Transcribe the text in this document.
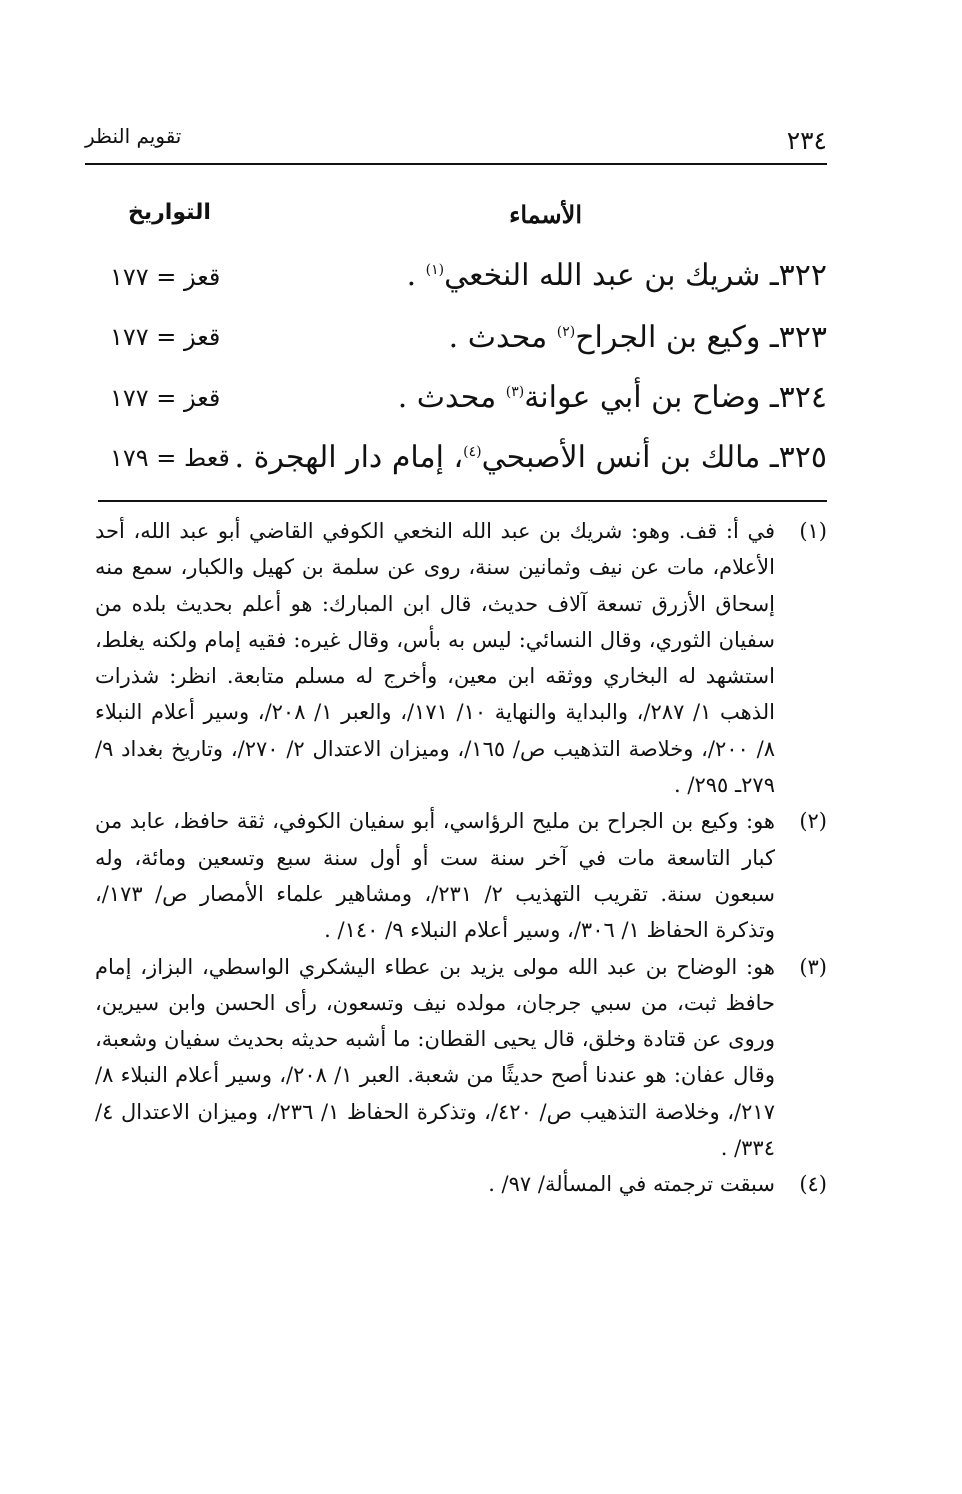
٢٣٤
تقويم النظر
الأسماء
التواريخ
٣٢٢ـ شريك بن عبد الله النخعي$^{(١)}$ .
قعز = ١٧٧
٣٢٣ـ وكيع بن الجراح$^{(٢)}$ محدث .
قعز = ١٧٧
٣٢٤ـ وضاح بن أبي عوانة$^{(٣)}$ محدث .
قعز = ١٧٧
٣٢٥ـ مالك بن أنس الأصبحي$^{(٤)}$، إمام دار الهجرة .
قعط = ١٧٩
(١)
في أ: قف. وهو: شريك بن عبد الله النخعي الكوفي القاضي أبو عبد الله، أحد الأعلام، مات عن نيف وثمانين سنة، روى عن سلمة بن كهيل والكبار، سمع منه إسحاق الأزرق تسعة آلاف حديث، قال ابن المبارك: هو أعلم بحديث بلده من سفيان الثوري، وقال النسائي: ليس به بأس، وقال غيره: فقيه إمام ولكنه يغلط، استشهد له البخاري ووثقه ابن معين، وأخرج له مسلم متابعة. انظر: شذرات الذهب ١/ ٢٨٧/، والبداية والنهاية ١٠/ ١٧١/، والعبر ١/ ٢٠٨/، وسير أعلام النبلاء ٨/ ٢٠٠/، وخلاصة التذهيب ص/ ١٦٥/، وميزان الاعتدال ٢/ ٢٧٠/، وتاريخ بغداد ٩/ ٢٧٩ـ ٢٩٥/ .
(٢)
هو: وكيع بن الجراح بن مليح الرؤاسي، أبو سفيان الكوفي، ثقة حافظ، عابد من كبار التاسعة مات في آخر سنة ست أو أول سنة سبع وتسعين ومائة، وله سبعون سنة. تقريب التهذيب ٢/ ٢٣١/، ومشاهير علماء الأمصار ص/ ١٧٣/، وتذكرة الحفاظ ١/ ٣٠٦/، وسير أعلام النبلاء ٩/ ١٤٠/ .
(٣)
هو: الوضاح بن عبد الله مولى يزيد بن عطاء اليشكري الواسطي، البزاز، إمام حافظ ثبت، من سبي جرجان، مولده نيف وتسعون، رأى الحسن وابن سيرين، وروى عن قتادة وخلق، قال يحيى القطان: ما أشبه حديثه بحديث سفيان وشعبة، وقال عفان: هو عندنا أصح حديثًا من شعبة. العبر ١/ ٢٠٨/، وسير أعلام النبلاء ٨/ ٢١٧/، وخلاصة التذهيب ص/ ٤٢٠/، وتذكرة الحفاظ ١/ ٢٣٦/، وميزان الاعتدال ٤/ ٣٣٤/ .
(٤)
سبقت ترجمته في المسألة/ ٩٧/ .
